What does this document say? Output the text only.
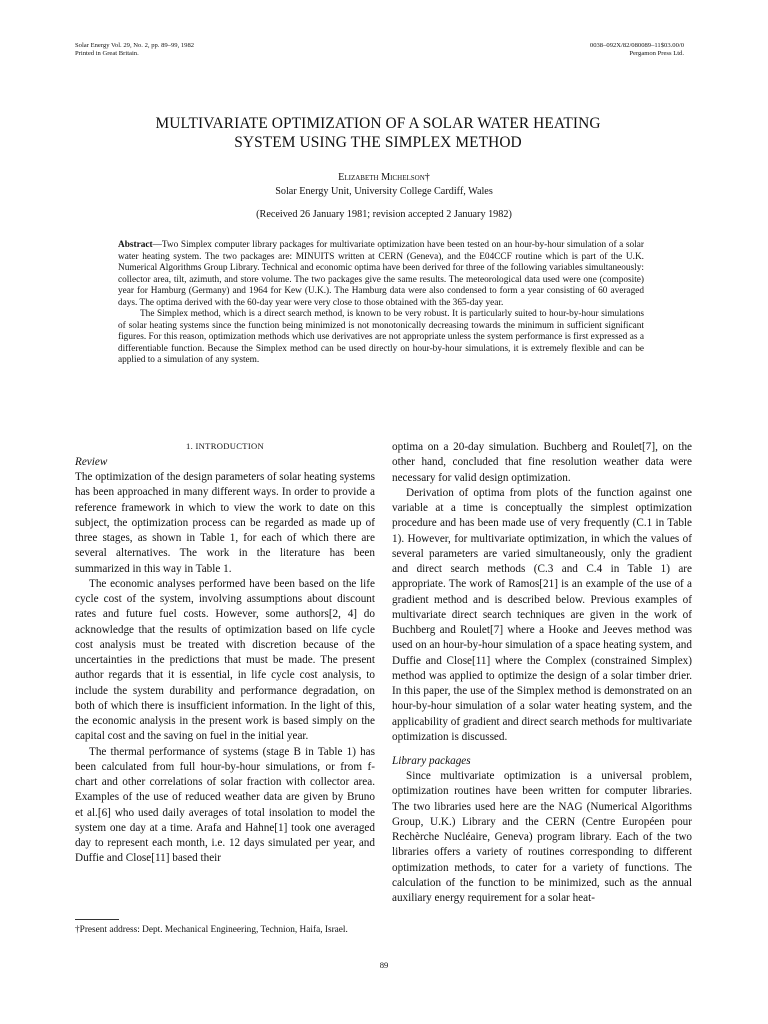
Solar Energy Vol. 29, No. 2, pp. 89–99, 1982
Printed in Great Britain.
0038–092X/82/080089–11$03.00/0
Pergamon Press Ltd.
MULTIVARIATE OPTIMIZATION OF A SOLAR WATER HEATING
SYSTEM USING THE SIMPLEX METHOD
Elizabeth Michelson†
Solar Energy Unit, University College Cardiff, Wales
(Received 26 January 1981; revision accepted 2 January 1982)

Abstract—Two Simplex computer library packages for multivariate optimization have been tested on an hour-by-hour simulation of a solar water heating system. The two packages are: MINUITS written at CERN (Geneva), and the E04CCF routine which is part of the U.K. Numerical Algorithms Group Library. Technical and economic optima have been derived for three of the following variables simultaneously: collector area, tilt, azimuth, and store volume. The two packages give the same results. The meteorological data used were one (composite) year for Hamburg (Germany) and 1964 for Kew (U.K.). The Hamburg data were also condensed to form a year consisting of 60 averaged days. The optima derived with the 60-day year were very close to those obtained with the 365-day year.

The Simplex method, which is a direct search method, is known to be very robust. It is particularly suited to hour-by-hour simulations of solar heating systems since the function being minimized is not monotonically decreasing towards the minimum in sufficient significant figures. For this reason, optimization methods which use derivatives are not appropriate unless the system performance is first expressed as a differentiable function. Because the Simplex method can be used directly on hour-by-hour simulations, it is extremely flexible and can be applied to a simulation of any system.

1. INTRODUCTION
Review

The optimization of the design parameters of solar heating systems has been approached in many different ways. In order to provide a reference framework in which to view the work to date on this subject, the optimization process can be regarded as made up of three stages, as shown in Table 1, for each of which there are several alternatives. The work in the literature has been summarized in this way in Table 1.

The economic analyses performed have been based on the life cycle cost of the system, involving assumptions about discount rates and future fuel costs. However, some authors[2, 4] do acknowledge that the results of optimization based on life cycle cost analysis must be treated with discretion because of the uncertainties in the predictions that must be made. The present author regards that it is essential, in life cycle cost analysis, to include the system durability and performance degradation, on both of which there is insufficient information. In the light of this, the economic analysis in the present work is based simply on the capital cost and the saving on fuel in the initial year.

The thermal performance of systems (stage B in Table 1) has been calculated from full hour-by-hour simulations, or from f-chart and other correlations of solar fraction with collector area. Examples of the use of reduced weather data are given by Bruno et al.[6] who used daily averages of total insolation to model the system one day at a time. Arafa and Hahne[1] took one averaged day to represent each month, i.e. 12 days simulated per year, and Duffie and Close[11] based their

†Present address: Dept. Mechanical Engineering, Technion, Haifa, Israel.

optima on a 20-day simulation. Buchberg and Roulet[7], on the other hand, concluded that fine resolution weather data were necessary for valid design optimization.

Derivation of optima from plots of the function against one variable at a time is conceptually the simplest optimization procedure and has been made use of very frequently (C.1 in Table 1). However, for multivariate optimization, in which the values of several parameters are varied simultaneously, only the gradient and direct search methods (C.3 and C.4 in Table 1) are appropriate. The work of Ramos[21] is an example of the use of a gradient method and is described below. Previous examples of multivariate direct search techniques are given in the work of Buchberg and Roulet[7] where a Hooke and Jeeves method was used on an hour-by-hour simulation of a space heating system, and Duffie and Close[11] where the Complex (constrained Simplex) method was applied to optimize the design of a solar timber drier. In this paper, the use of the Simplex method is demonstrated on an hour-by-hour simulation of a solar water heating system, and the applicability of gradient and direct search methods for multivariate optimization is discussed.

Library packages

Since multivariate optimization is a universal problem, optimization routines have been written for computer libraries. The two libraries used here are the NAG (Numerical Algorithms Group, U.K.) Library and the CERN (Centre Européen pour Rechèrche Nucléaire, Geneva) program library. Each of the two libraries offers a variety of routines corresponding to different optimization methods, to cater for a variety of functions. The calculation of the function to be minimized, such as the annual auxiliary energy requirement for a solar heat-

89
